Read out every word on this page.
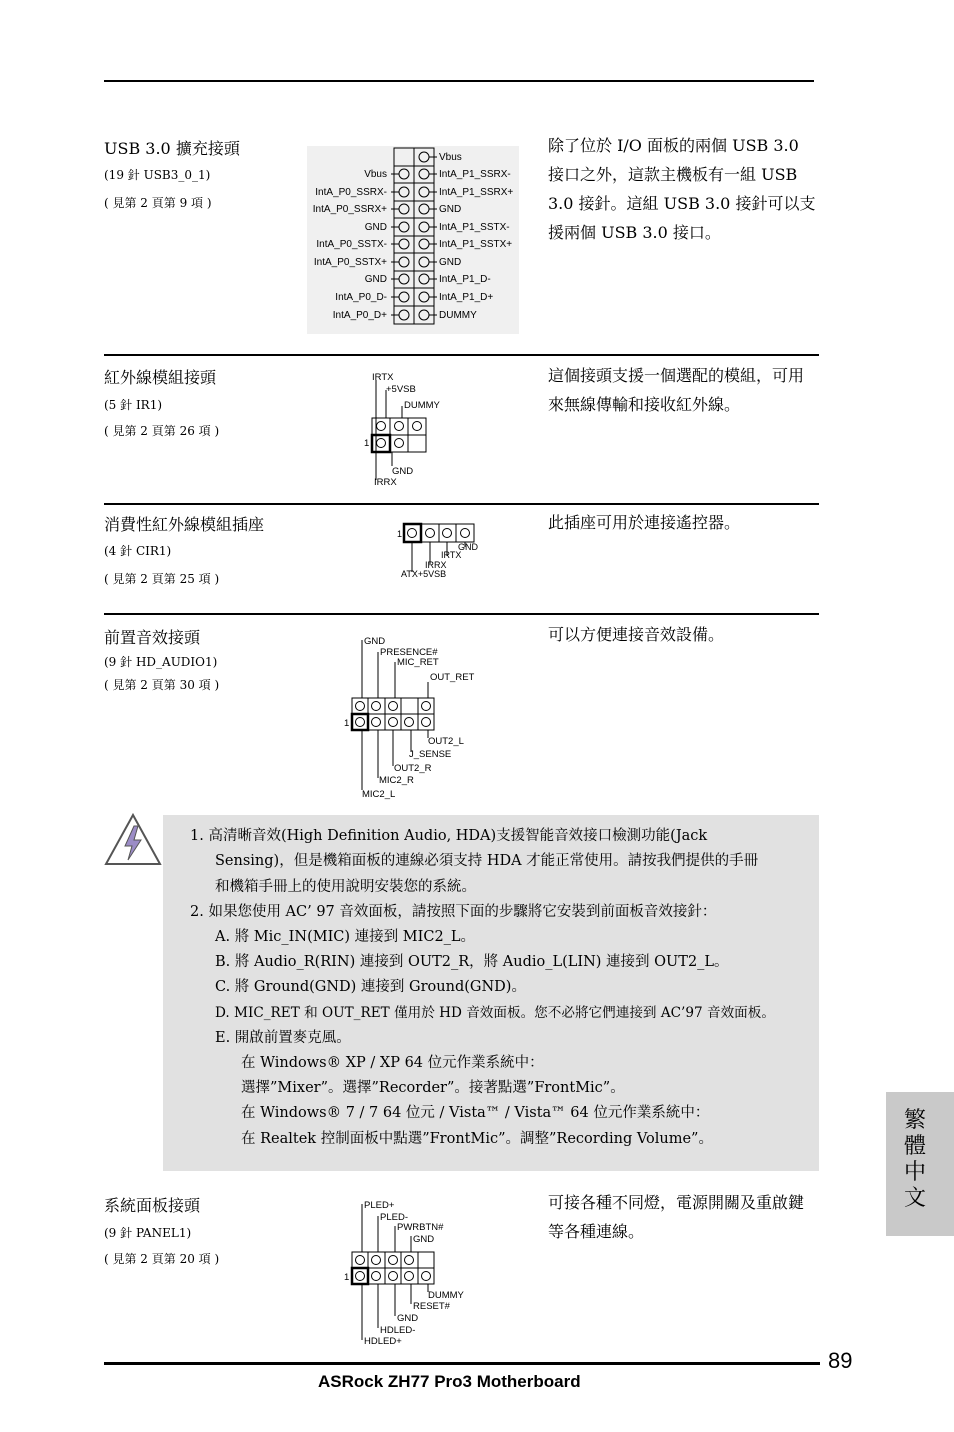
USB 3.0 擴充接頭
(19 針 USB3_0_1)
( 見第 2 頁第 9 項 )
除了位於 I/O 面板的兩個 USB 3.0 接口之外，這款主機板有一組 USB 3.0 接針。這組 USB 3.0 接針可以支援兩個 USB 3.0 接口。
Vbus
IntA_P0_SSRX-
IntA_P0_SSRX+
GND
IntA_P0_SSTX-
IntA_P0_SSTX+
GND
IntA_P0_D-
IntA_P0_D+
Vbus
IntA_P1_SSRX-
IntA_P1_SSRX+
GND
IntA_P1_SSTX-
IntA_P1_SSTX+
GND
IntA_P1_D-
IntA_P1_D+
DUMMY
紅外線模組接頭
(5 針 IR1)
( 見第 2 頁第 26 項 )
這個接頭支援一個選配的模組，可用來無線傳輸和接收紅外線。
IRTX
+5VSB
DUMMY
GND
IRRX
1
消費性紅外線模組插座
(4 針 CIR1)
( 見第 2 頁第 25 項 )
此插座可用於連接遙控器。
1
GND
IRTX
IRRX
ATX+5VSB
前置音效接頭
(9 針 HD_AUDIO1)
( 見第 2 頁第 30 項 )
可以方便連接音效設備。
1
GND
PRESENCE#
MIC_RET
OUT_RET
OUT2_L
J_SENSE
OUT2_R
MIC2_R
MIC2_L
1. 高清晰音效(High Definition Audio, HDA)支援智能音效接口檢測功能(Jack
Sensing)，但是機箱面板的連線必須支持 HDA 才能正常使用。請按我們提供的手冊
和機箱手冊上的使用說明安裝您的系統。
2. 如果您使用 AC’ 97 音效面板，請按照下面的步驟將它安裝到前面板音效接針：
A. 將 Mic_IN(MIC) 連接到 MIC2_L。
B. 將 Audio_R(RIN) 連接到 OUT2_R，將 Audio_L(LIN) 連接到 OUT2_L。
C. 將 Ground(GND) 連接到 Ground(GND)。
D. MIC_RET 和 OUT_RET 僅用於 HD 音效面板。您不必將它們連接到 AC’97 音效面板。
E. 開啟前置麥克風。
在 Windows® XP / XP 64 位元作業系統中：
選擇”Mixer”。選擇”Recorder”。接著點選”FrontMic”。
在 Windows® 7 / 7 64 位元 / Vista™ / Vista™ 64 位元作業系統中：
在 Realtek 控制面板中點選”FrontMic”。調整”Recording Volume”。
系統面板接頭
(9 針 PANEL1)
( 見第 2 頁第 20 項 )
可接各種不同燈，電源開關及重啟鍵等各種連線。
1
PLED+
PLED-
PWRBTN#
GND
DUMMY
RESET#
GND
HDLED-
HDLED+
繁體中文
89
ASRock ZH77 Pro3 Motherboard
